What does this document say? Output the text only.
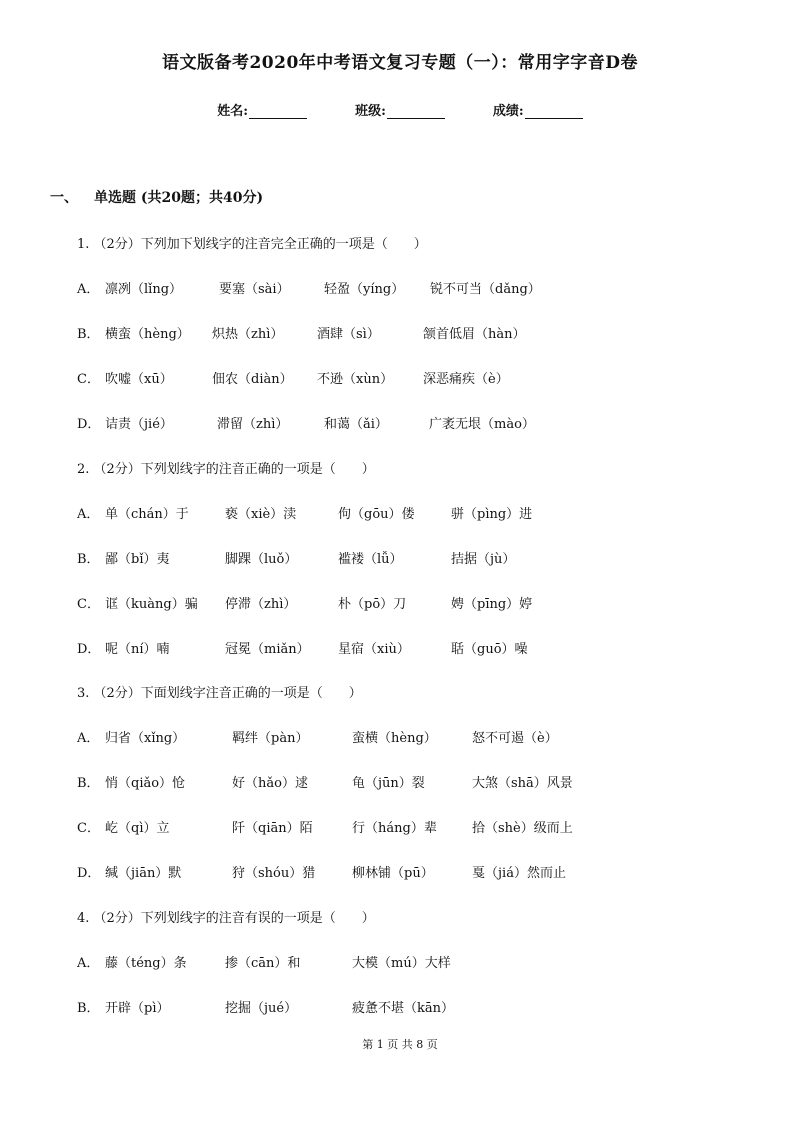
语文版备考2020年中考语文复习专题（一）：常用字字音D卷
姓名:	班级:	成绩:
一、 单选题 (共20题；共40分)
1. （2分）下列加下划线字的注音完全正确的一项是（　　）
A． 凛冽（lǐng）	要塞（sài）	轻盈（yíng） 锐不可当（dǎng）
B． 横蛮（hèng） 炽热（zhì）	酒肆（sì）	颔首低眉（hàn）
C． 吹嘘（xū）	佃农（diàn） 不逊（xùn） 深恶痛疾（è）
D． 诘责（jié）	滞留（zhì）	和蔼（ǎi）	广袤无垠（mào）
2. （2分）下列划线字的注音正确的一项是（　　）
A． 单（chán）于	亵（xiè）渎	佝（gōu）偻	骈（pìng）进
B． 鄙（bǐ）夷	脚踝（luǒ）	褴褛（lǚ）	拮据（jù）
C． 诓（kuàng）骗 停滞（zhì）	朴（pō）刀	娉（pīng）婷
D． 呢（ní）喃	冠冕（miǎn） 星宿（xiù）	聒（guō）噪
3. （2分）下面划线字注音正确的一项是（　　）
A． 归省（xǐng）	羁绊（pàn）	蛮横（hèng）	怒不可遏（è）
B． 悄（qiǎo）怆	好（hǎo）逑	龟（jūn）裂	大煞（shā）风景
C． 屹（qì）立	阡（qiān）陌	行（háng）辈	拾（shè）级而上
D． 缄（jiān）默	狩（shóu）猎	柳林铺（pū）	戛（jiá）然而止
4. （2分）下列划线字的注音有误的一项是（　　）
A． 藤（téng）条	掺（cān）和	大模（mú）大样
B． 开辟（pì）	挖掘（jué）	疲惫不堪（kān）
第 1 页 共 8 页
